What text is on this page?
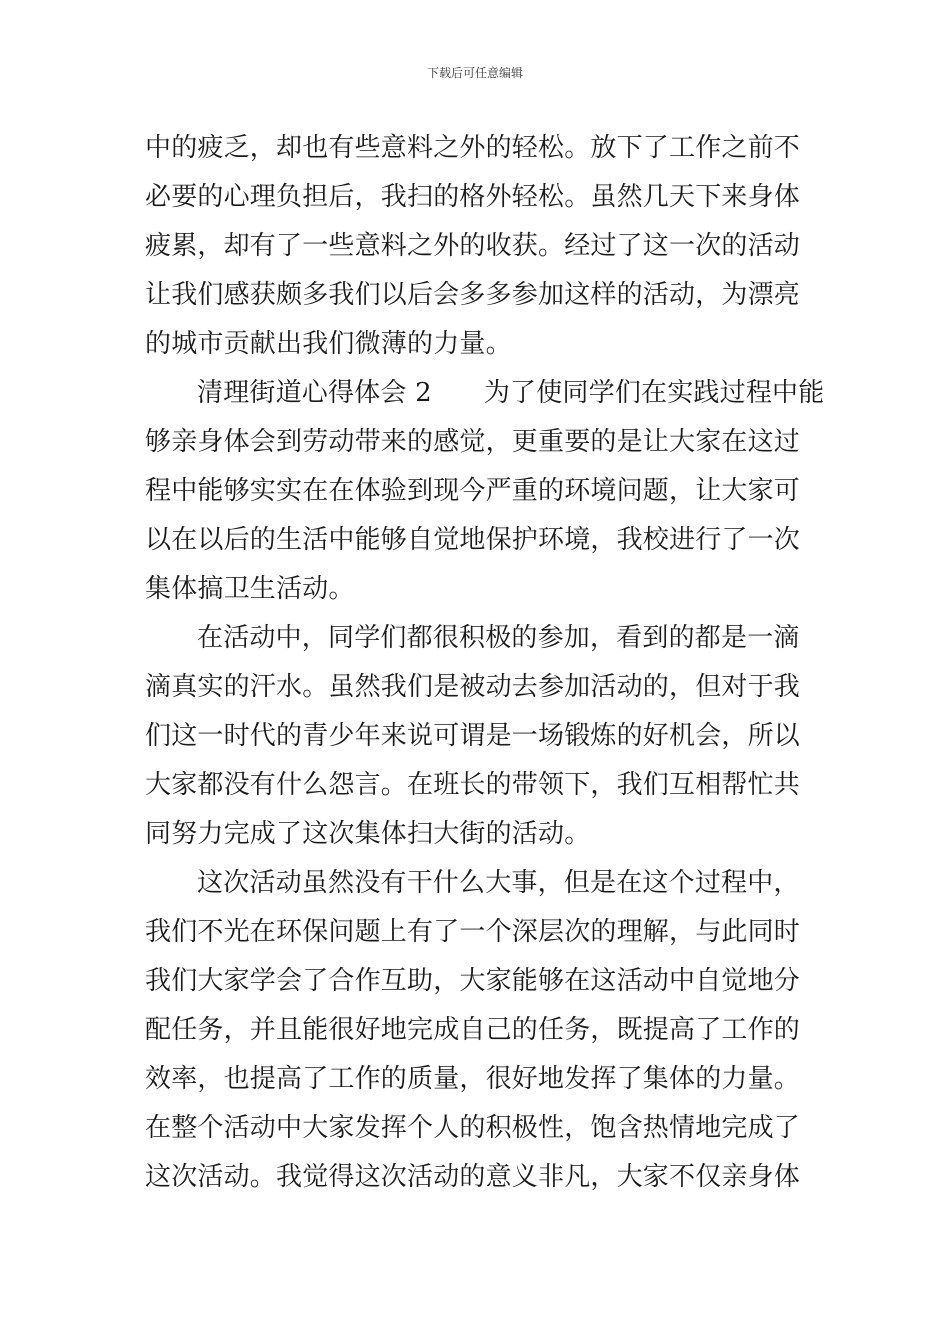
下载后可任意编辑
中的疲乏，却也有些意料之外的轻松。放下了工作之前不
必要的心理负担后，我扫的格外轻松。虽然几天下来身体
疲累，却有了一些意料之外的收获。经过了这一次的活动
让我们感获颇多我们以后会多多参加这样的活动，为漂亮
的城市贡献出我们微薄的力量。
清理街道心得体会 2 为了使同学们在实践过程中能
够亲身体会到劳动带来的感觉，更重要的是让大家在这过
程中能够实实在在体验到现今严重的环境问题，让大家可
以在以后的生活中能够自觉地保护环境，我校进行了一次
集体搞卫生活动。
在活动中，同学们都很积极的参加，看到的都是一滴
滴真实的汗水。虽然我们是被动去参加活动的，但对于我
们这一时代的青少年来说可谓是一场锻炼的好机会，所以
大家都没有什么怨言。在班长的带领下，我们互相帮忙共
同努力完成了这次集体扫大街的活动。
这次活动虽然没有干什么大事，但是在这个过程中，
我们不光在环保问题上有了一个深层次的理解，与此同时
我们大家学会了合作互助，大家能够在这活动中自觉地分
配任务，并且能很好地完成自己的任务，既提高了工作的
效率，也提高了工作的质量，很好地发挥了集体的力量。
在整个活动中大家发挥个人的积极性，饱含热情地完成了
这次活动。我觉得这次活动的意义非凡，大家不仅亲身体
